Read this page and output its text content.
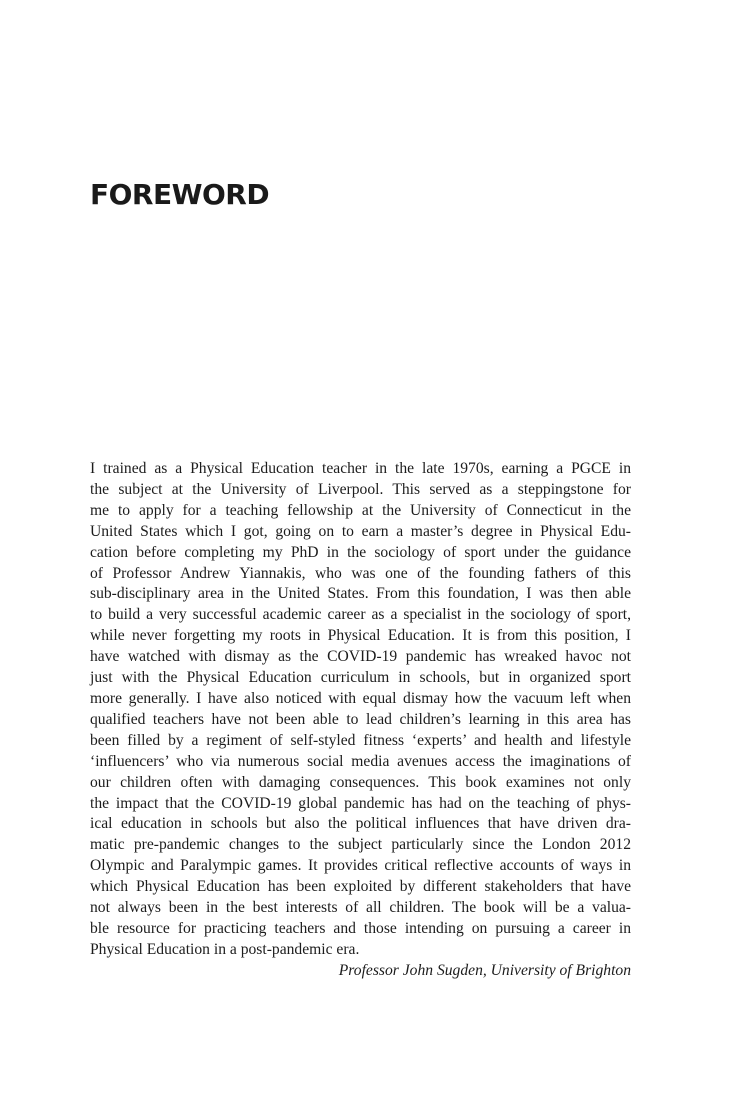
FOREWORD
I trained as a Physical Education teacher in the late 1970s, earning a PGCE in
the subject at the University of Liverpool. This served as a steppingstone for
me to apply for a teaching fellowship at the University of Connecticut in the
United States which I got, going on to earn a master’s degree in Physical Edu-
cation before completing my PhD in the sociology of sport under the guidance
of Professor Andrew Yiannakis, who was one of the founding fathers of this
sub-disciplinary area in the United States. From this foundation, I was then able
to build a very successful academic career as a specialist in the sociology of sport,
while never forgetting my roots in Physical Education. It is from this position, I
have watched with dismay as the COVID-19 pandemic has wreaked havoc not
just with the Physical Education curriculum in schools, but in organized sport
more generally. I have also noticed with equal dismay how the vacuum left when
qualified teachers have not been able to lead children’s learning in this area has
been filled by a regiment of self-styled fitness ‘experts’ and health and lifestyle
‘influencers’ who via numerous social media avenues access the imaginations of
our children often with damaging consequences. This book examines not only
the impact that the COVID-19 global pandemic has had on the teaching of phys-
ical education in schools but also the political influences that have driven dra-
matic pre-pandemic changes to the subject particularly since the London 2012
Olympic and Paralympic games. It provides critical reflective accounts of ways in
which Physical Education has been exploited by different stakeholders that have
not always been in the best interests of all children. The book will be a valua-
ble resource for practicing teachers and those intending on pursuing a career in
Physical Education in a post-pandemic era.
Professor John Sugden, University of Brighton
